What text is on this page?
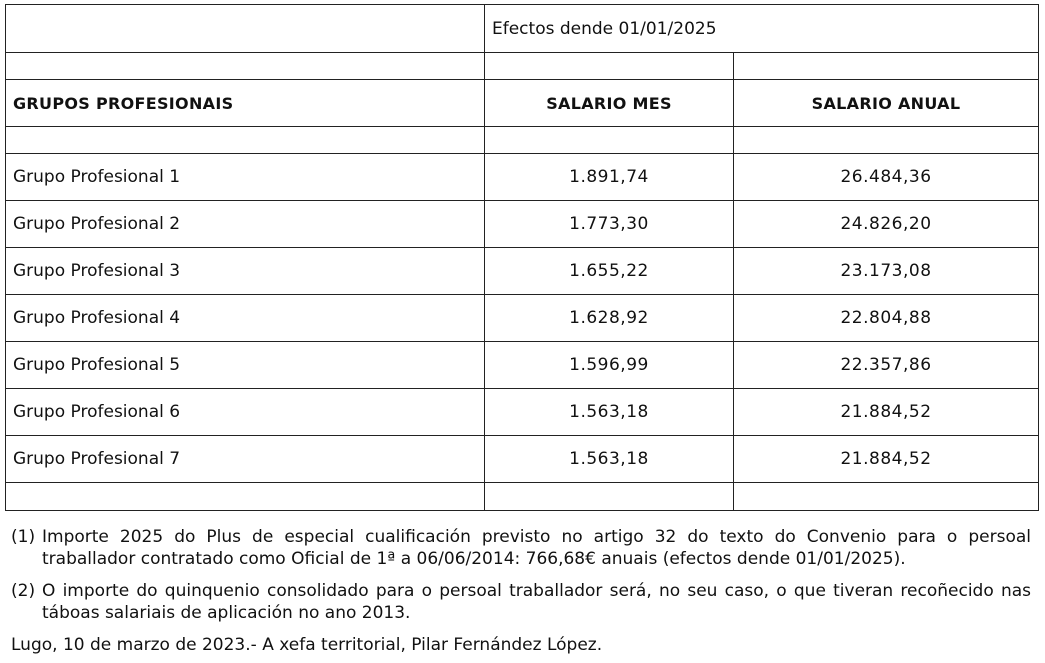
	Efectos dende 01/01/2025	

GRUPOS PROFESIONAIS	SALARIO MES	SALARIO ANUAL

Grupo Profesional 1	1.891,74	26.484,36
Grupo Profesional 2	1.773,30	24.826,20
Grupo Profesional 3	1.655,22	23.173,08
Grupo Profesional 4	1.628,92	22.804,88
Grupo Profesional 5	1.596,99	22.357,86
Grupo Profesional 6	1.563,18	21.884,52
Grupo Profesional 7	1.563,18	21.884,52

(1) Importe 2025 do Plus de especial cualificación previsto no artigo 32 do texto do Convenio para o persoal traballador contratado como Oficial de 1ª a 06/06/2014: 766,68€ anuais (efectos dende 01/01/2025).
(2) O importe do quinquenio consolidado para o persoal traballador será, no seu caso, o que tiveran recoñecido nas táboas salariais de aplicación no ano 2013.
Lugo, 10 de marzo de 2023.- A xefa territorial, Pilar Fernández López.
